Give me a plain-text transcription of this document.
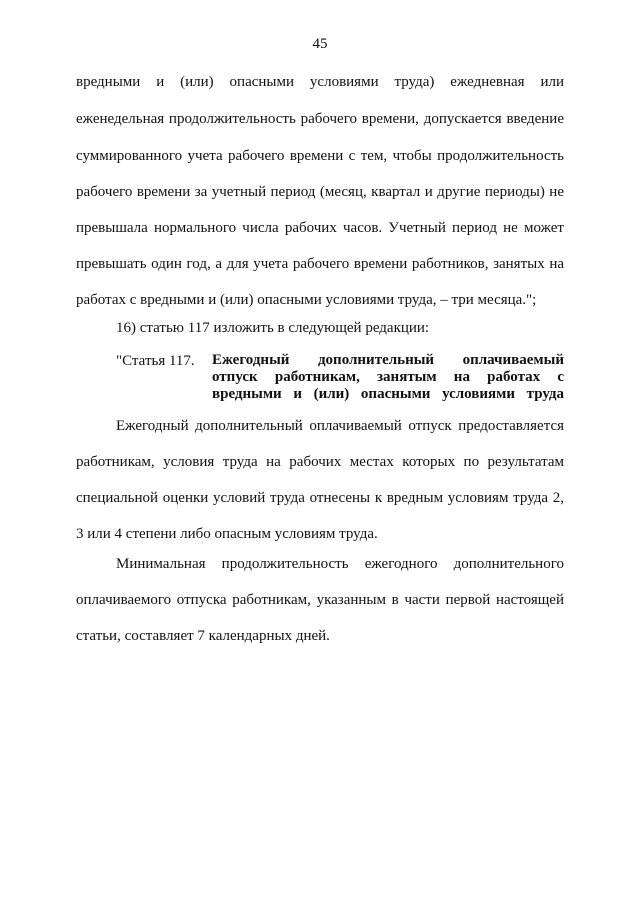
45
вредными и (или) опасными условиями труда) ежедневная или
еженедельная продолжительность рабочего времени, допускается введение
суммированного учета рабочего времени с тем, чтобы продолжительность
рабочего времени за учетный период (месяц, квартал и другие периоды) не
превышала нормального числа рабочих часов. Учетный период не может
превышать один год, а для учета рабочего времени работников, занятых на
работах с вредными и (или) опасными условиями труда, – три месяца.";
16) статью 117 изложить в следующей редакции:
"Статья 117. Ежегодный дополнительный оплачиваемый
отпуск работникам, занятым на работах с
вредными и (или) опасными условиями труда
Ежегодный дополнительный оплачиваемый отпуск предоставляется
работникам, условия труда на рабочих местах которых по результатам
специальной оценки условий труда отнесены к вредным условиям труда 2,
3 или 4 степени либо опасным условиям труда.
Минимальная продолжительность ежегодного дополнительного
оплачиваемого отпуска работникам, указанным в части первой настоящей
статьи, составляет 7 календарных дней.
